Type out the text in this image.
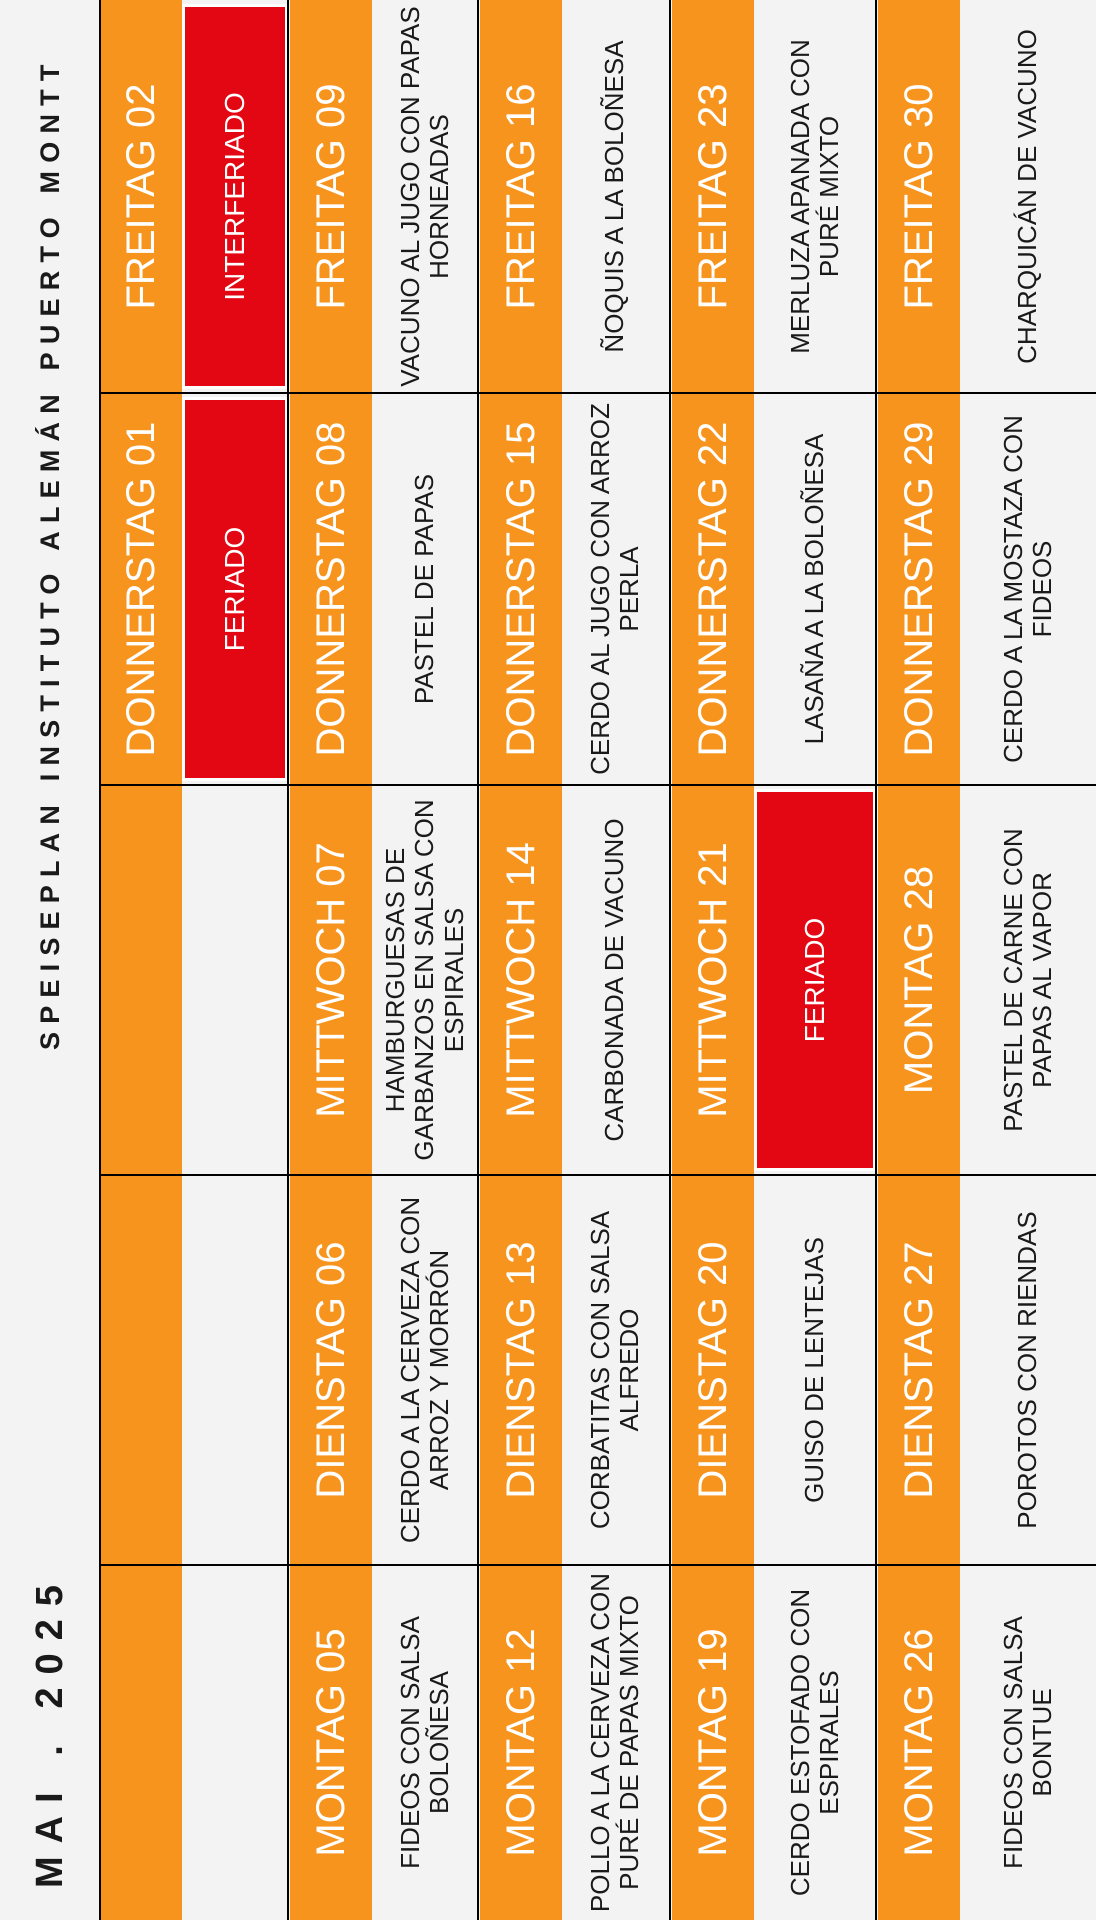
MAI . 2025
SPEISEPLAN INSTITUTO ALEMÁN PUERTO MONTT	DONNERSTAG 01	FERIADO
FREITAG 02	INTERFERIADO
MONTAG 05	FIDEOS CON SALSA BOLOÑESA
DIENSTAG 06	CERDO A LA CERVEZA CON ARROZ Y MORRÓN
MITTWOCH 07	HAMBURGUESAS DE GARBANZOS EN SALSA CON ESPIRALES
DONNERSTAG 08	PASTEL DE PAPAS
FREITAG 09	VACUNO AL JUGO CON PAPAS HORNEADAS
MONTAG 12	POLLO A LA CERVEZA CON PURÉ DE PAPAS MIXTO
DIENSTAG 13	CORBATITAS CON SALSA ALFREDO
MITTWOCH 14	CARBONADA DE VACUNO
DONNERSTAG 15	CERDO AL JUGO CON ARROZ PERLA
FREITAG 16	ÑOQUIS A LA BOLOÑESA
MONTAG 19	CERDO ESTOFADO CON ESPIRALES
DIENSTAG 20	GUISO DE LENTEJAS
MITTWOCH 21	FERIADO
DONNERSTAG 22	LASAÑA A LA BOLOÑESA
FREITAG 23	MERLUZA APANADA CON PURÉ MIXTO
MONTAG 26	FIDEOS CON SALSA BONTUE
DIENSTAG 27	POROTOS CON RIENDAS
MONTAG 28	PASTEL DE CARNE CON PAPAS AL VAPOR
DONNERSTAG 29	CERDO A LA MOSTAZA CON FIDEOS
FREITAG 30	CHARQUICÁN DE VACUNO
